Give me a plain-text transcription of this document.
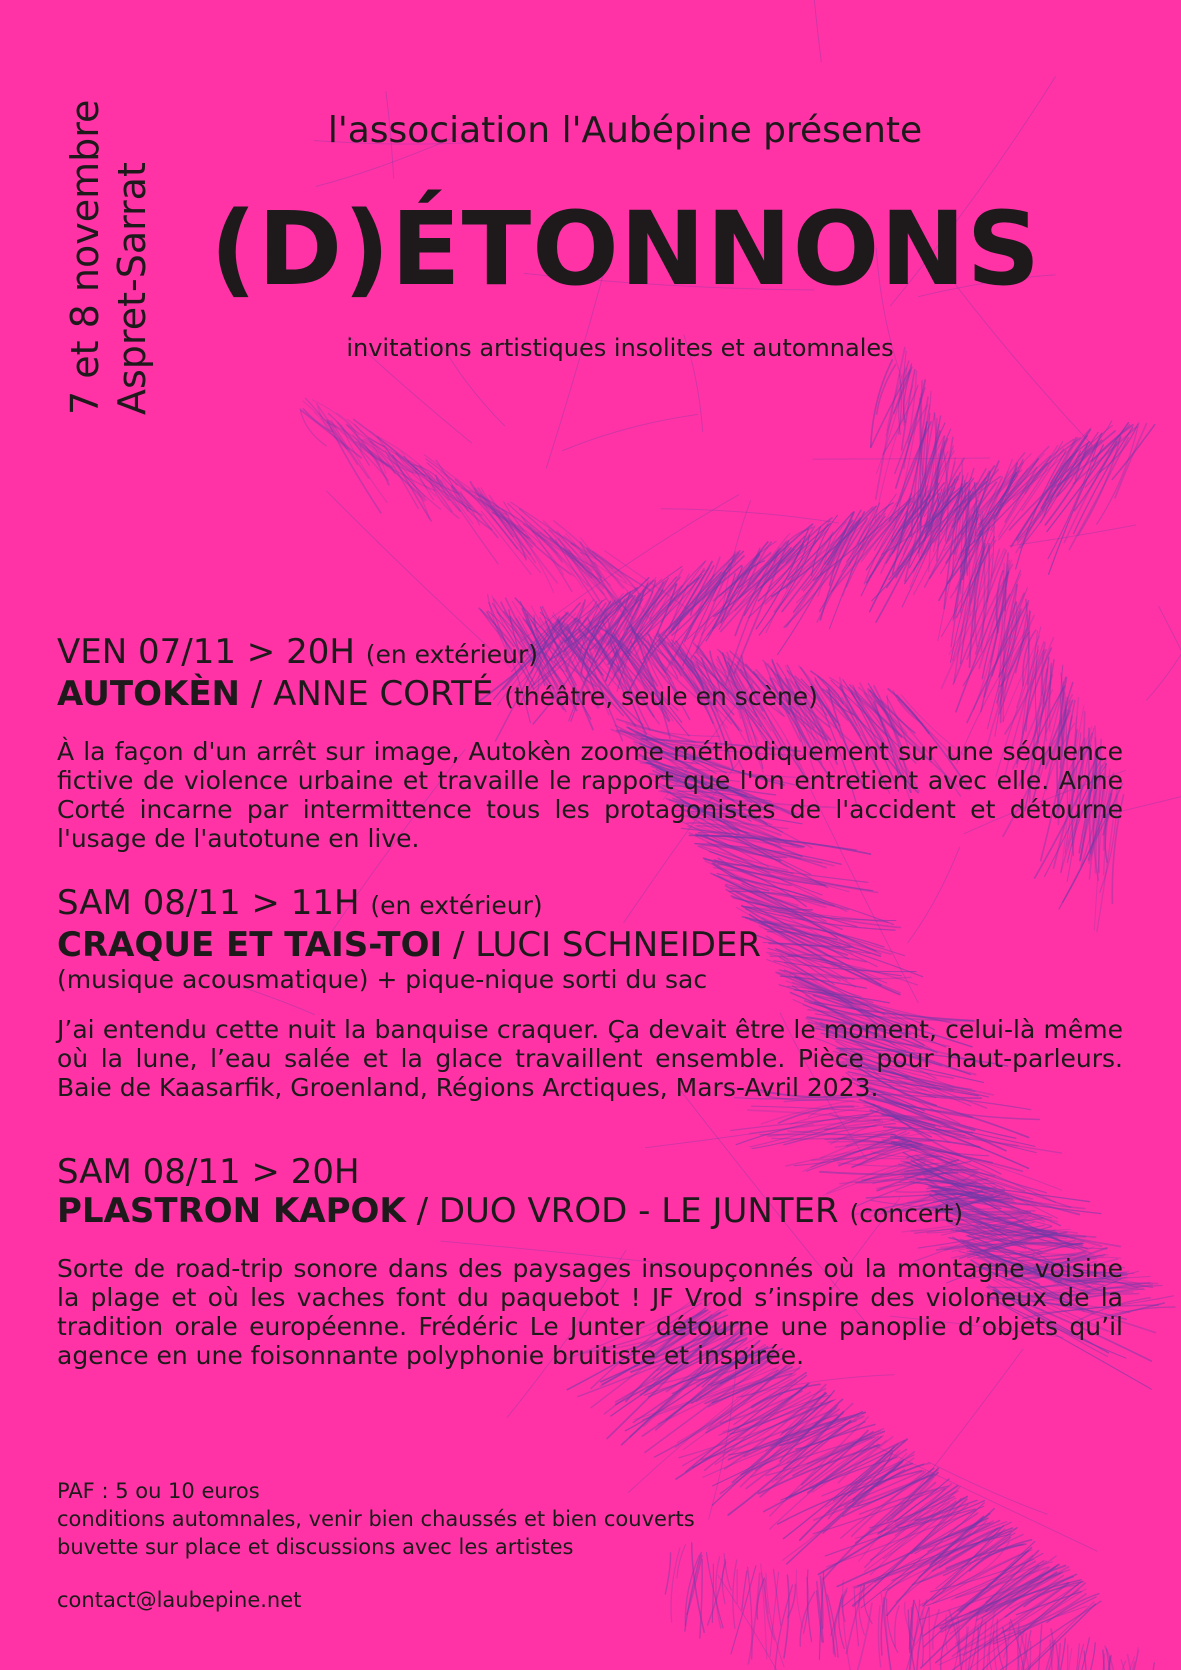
7 et 8 novembre Aspret-Sarrat
l'association l'Aubépine présente
(D)ÉTONNONS
invitations artistiques insolites et automnales
VEN 07/11 > 20H (en extérieur)
AUTOKÈN / ANNE CORTÉ (théâtre, seule en scène)
À la façon d'un arrêt sur image, Autokèn zoome méthodiquement sur une séquence fictive de violence urbaine et travaille le rapport que l'on entretient avec elle. Anne Corté incarne par intermittence tous les protagonistes de l'accident et détourne l'usage de l'autotune en live.
SAM 08/11 > 11H (en extérieur)
CRAQUE ET TAIS-TOI / LUCI SCHNEIDER
(musique acousmatique) + pique-nique sorti du sac
J’ai entendu cette nuit la banquise craquer. Ça devait être le moment, celui-là même où la lune, l’eau salée et la glace travaillent ensemble. Pièce pour haut-parleurs. Baie de Kaasarfik, Groenland, Régions Arctiques, Mars-Avril 2023.
SAM 08/11 > 20H
PLASTRON KAPOK / DUO VROD - LE JUNTER (concert)
Sorte de road-trip sonore dans des paysages insoupçonnés où la montagne voisine la plage et où les vaches font du paquebot ! JF Vrod s’inspire des violoneux de la tradition orale européenne. Frédéric Le Junter détourne une panoplie d’objets qu’il agence en une foisonnante polyphonie bruitiste et inspirée.
PAF : 5 ou 10 euros
conditions automnales, venir bien chaussés et bien couverts
buvette sur place et discussions avec les artistes
contact@laubepine.net
